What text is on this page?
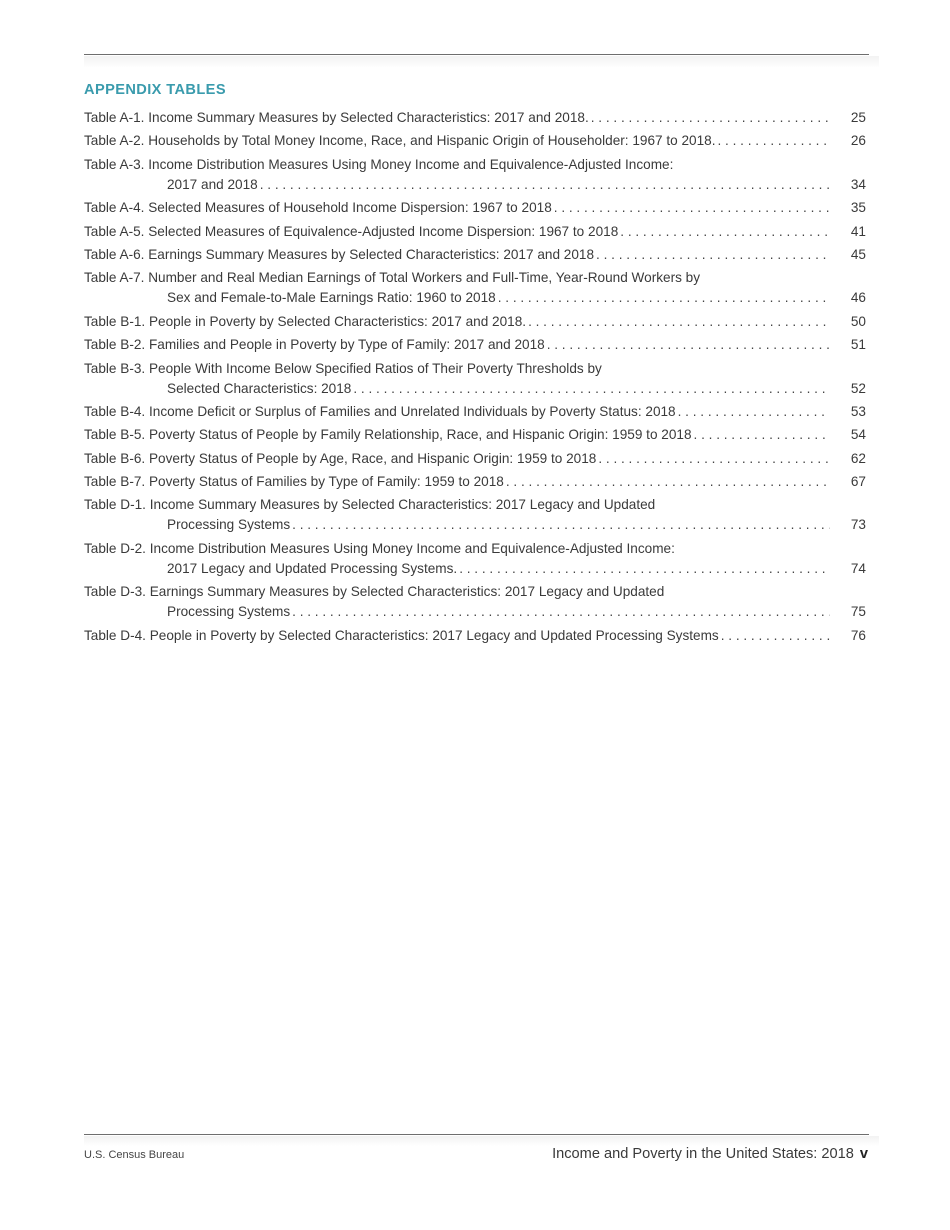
APPENDIX TABLES
Table A-1. Income Summary Measures by Selected Characteristics: 2017 and 2018. . . .	25
Table A-2. Households by Total Money Income, Race, and Hispanic Origin of Householder: 1967 to 2018. . . .	26
Table A-3. Income Distribution Measures Using Money Income and Equivalence-Adjusted Income:
2017 and 2018 . . .	34
Table A-4. Selected Measures of Household Income Dispersion: 1967 to 2018 . . .	35
Table A-5. Selected Measures of Equivalence-Adjusted Income Dispersion: 1967 to 2018 . . .	41
Table A-6. Earnings Summary Measures by Selected Characteristics: 2017 and 2018 . . .	45
Table A-7. Number and Real Median Earnings of Total Workers and Full-Time, Year-Round Workers by
Sex and Female-to-Male Earnings Ratio: 1960 to 2018 . . .	46
Table B-1. People in Poverty by Selected Characteristics: 2017 and 2018. . . .	50
Table B-2. Families and People in Poverty by Type of Family: 2017 and 2018 . . .	51
Table B-3. People With Income Below Specified Ratios of Their Poverty Thresholds by
Selected Characteristics: 2018 . . .	52
Table B-4. Income Deficit or Surplus of Families and Unrelated Individuals by Poverty Status: 2018 . . .	53
Table B-5. Poverty Status of People by Family Relationship, Race, and Hispanic Origin: 1959 to 2018 . . .	54
Table B-6. Poverty Status of People by Age, Race, and Hispanic Origin: 1959 to 2018 . . .	62
Table B-7. Poverty Status of Families by Type of Family: 1959 to 2018 . . .	67
Table D-1. Income Summary Measures by Selected Characteristics: 2017 Legacy and Updated
Processing Systems . . .	73
Table D-2. Income Distribution Measures Using Money Income and Equivalence-Adjusted Income:
2017 Legacy and Updated Processing Systems. . . .	74
Table D-3. Earnings Summary Measures by Selected Characteristics: 2017 Legacy and Updated
Processing Systems . . .	75
Table D-4. People in Poverty by Selected Characteristics: 2017 Legacy and Updated Processing Systems . . .	76
U.S. Census Bureau	Income and Poverty in the United States: 2018 v
